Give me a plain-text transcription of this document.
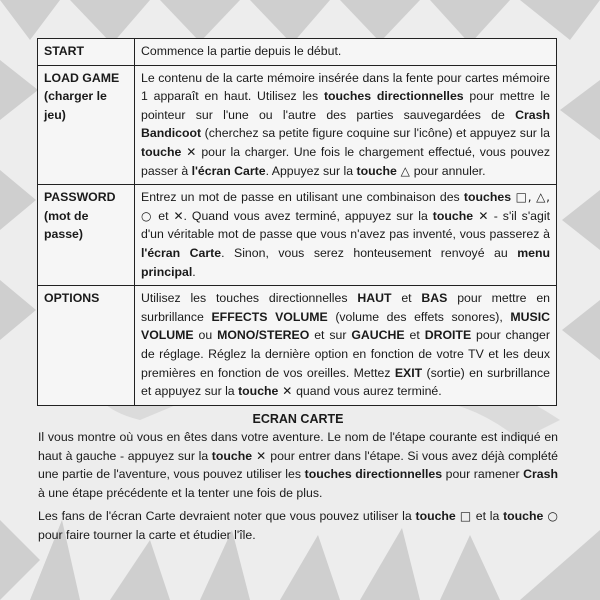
START	Commence la partie depuis le début.
LOAD GAME (charger le jeu)	Le contenu de la carte mémoire insérée dans la fente pour cartes mémoire 1 apparaît en haut. Utilisez les touches directionnelles pour mettre le pointeur sur l'une ou l'autre des parties sauvegardées de Crash Bandicoot (cherchez sa petite figure coquine sur l'icône) et appuyez sur la touche ✕ pour la charger. Une fois le chargement effectué, vous pouvez passer à l'écran Carte. Appuyez sur la touche △ pour annuler.
PASSWORD (mot de passe)	Entrez un mot de passe en utilisant une combinaison des touches □, △, ○ et ✕. Quand vous avez terminé, appuyez sur la touche ✕ - s'il s'agit d'un véritable mot de passe que vous n'avez pas inventé, vous passerez à l'écran Carte. Sinon, vous serez honteusement renvoyé au menu principal.
OPTIONS	Utilisez les touches directionnelles HAUT et BAS pour mettre en surbrillance EFFECTS VOLUME (volume des effets sonores), MUSIC VOLUME ou MONO/STEREO et sur GAUCHE et DROITE pour changer de réglage. Réglez la dernière option en fonction de votre TV et les deux premières en fonction de vos oreilles. Mettez EXIT (sortie) en surbrillance et appuyez sur la touche ✕ quand vous aurez terminé.
ECRAN CARTE

Il vous montre où vous en êtes dans votre aventure. Le nom de l'étape courante est indiqué en haut à gauche - appuyez sur la touche ✕ pour entrer dans l'étape. Si vous avez déjà complété une partie de l'aventure, vous pouvez utiliser les touches directionnelles pour ramener Crash à une étape précédente et la tenter une fois de plus.

Les fans de l'écran Carte devraient noter que vous pouvez utiliser la touche □ et la touche ○ pour faire tourner la carte et étudier l'île.
